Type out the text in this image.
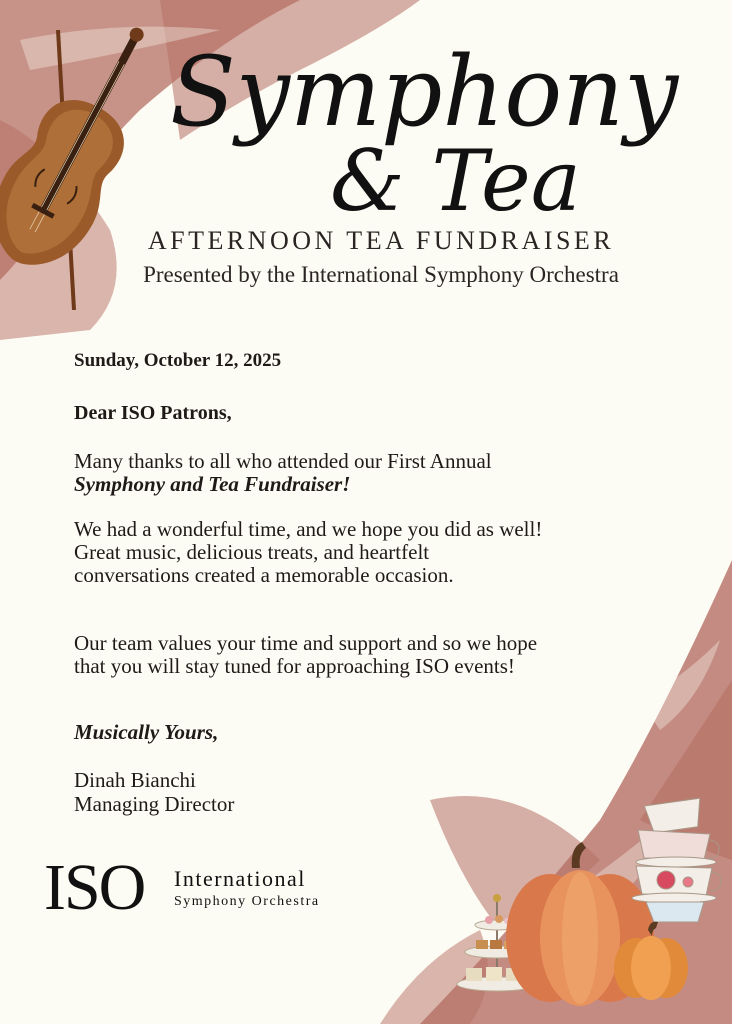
Symphony
& Tea
AFTERNOON TEA FUNDRAISER
Presented by the International Symphony Orchestra
Sunday, October 12, 2025
Dear ISO Patrons,
Many thanks to all who attended our First Annual
Symphony and Tea Fundraiser!
We had a wonderful time, and we hope you did as well!
Great music, delicious treats, and heartfelt
conversations created a memorable occasion.
Our team values your time and support and so we hope
that you will stay tuned for approaching ISO events!
Musically Yours,
Dinah Bianchi
Managing Director
ISO International
Symphony Orchestra
